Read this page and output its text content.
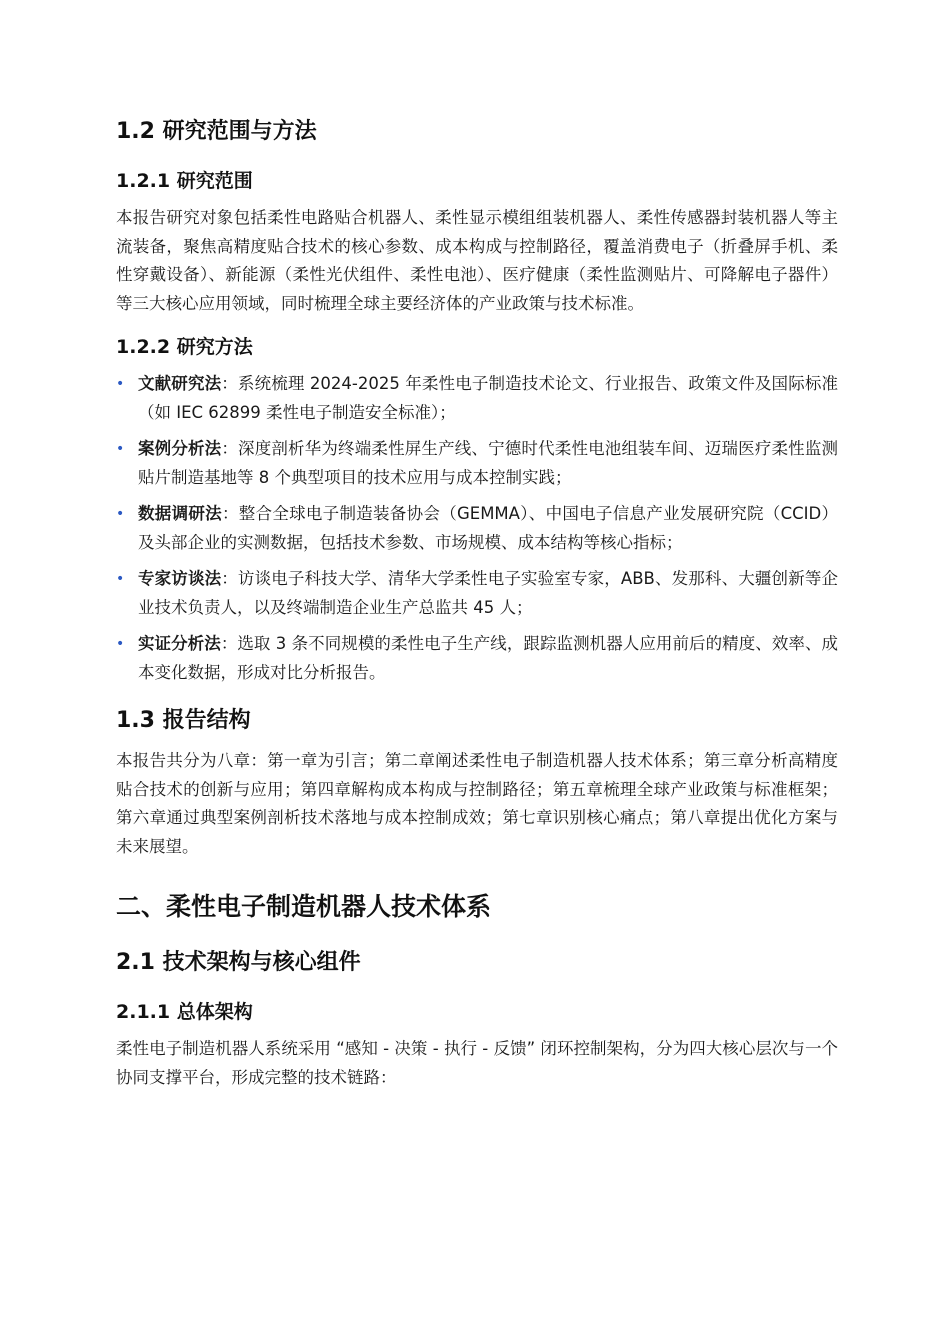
1.2 研究范围与方法
1.2.1 研究范围

本报告研究对象包括柔性电路贴合机器人、柔性显示模组组装机器人、柔性传感器封装机器人等主流装备，聚焦高精度贴合技术的核心参数、成本构成与控制路径，覆盖消费电子（折叠屏手机、柔性穿戴设备）、新能源（柔性光伏组件、柔性电池）、医疗健康（柔性监测贴片、可降解电子器件）等三大核心应用领域，同时梳理全球主要经济体的产业政策与技术标准。

1.2.2 研究方法
• 文献研究法：系统梳理 2024-2025 年柔性电子制造技术论文、行业报告、政策文件及国际标准（如 IEC 62899 柔性电子制造安全标准）；
• 案例分析法：深度剖析华为终端柔性屏生产线、宁德时代柔性电池组装车间、迈瑞医疗柔性监测贴片制造基地等 8 个典型项目的技术应用与成本控制实践；
• 数据调研法：整合全球电子制造装备协会（GEMMA）、中国电子信息产业发展研究院（CCID）及头部企业的实测数据，包括技术参数、市场规模、成本结构等核心指标；
• 专家访谈法：访谈电子科技大学、清华大学柔性电子实验室专家，ABB、发那科、大疆创新等企业技术负责人，以及终端制造企业生产总监共 45 人；
• 实证分析法：选取 3 条不同规模的柔性电子生产线，跟踪监测机器人应用前后的精度、效率、成本变化数据，形成对比分析报告。
1.3 报告结构

本报告共分为八章：第一章为引言；第二章阐述柔性电子制造机器人技术体系；第三章分析高精度贴合技术的创新与应用；第四章解构成本构成与控制路径；第五章梳理全球产业政策与标准框架；第六章通过典型案例剖析技术落地与成本控制成效；第七章识别核心痛点；第八章提出优化方案与未来展望。

二、柔性电子制造机器人技术体系
2.1 技术架构与核心组件
2.1.1 总体架构

柔性电子制造机器人系统采用 “感知 - 决策 - 执行 - 反馈” 闭环控制架构，分为四大核心层次与一个协同支撑平台，形成完整的技术链路：
